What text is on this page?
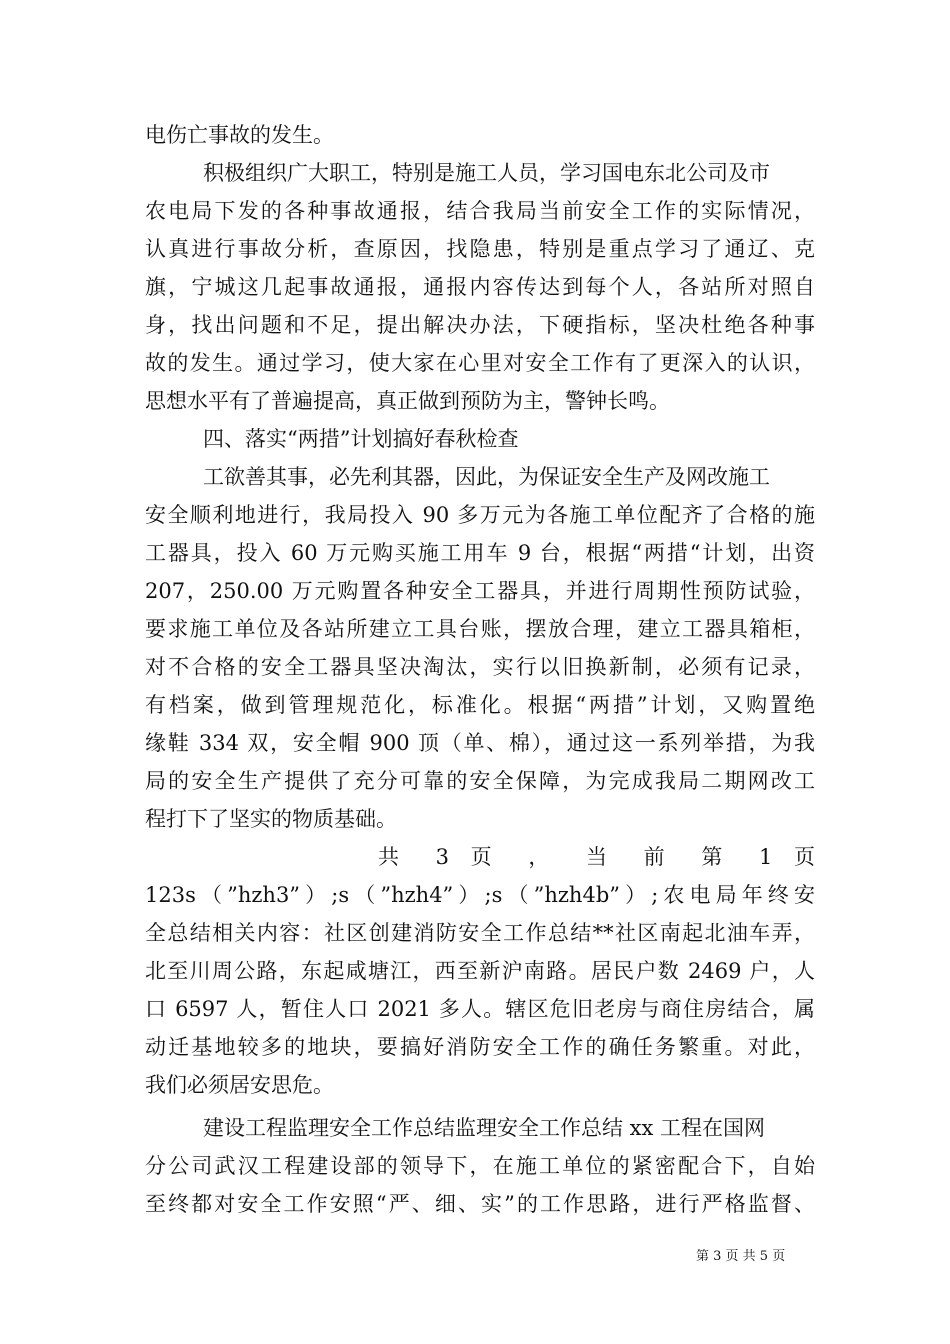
电伤亡事故的发生。
积极组织广大职工，特别是施工人员，学习国电东北公司及市
农电局下发的各种事故通报，结合我局当前安全工作的实际情况，
认真进行事故分析，查原因，找隐患，特别是重点学习了通辽、克
旗，宁城这几起事故通报，通报内容传达到每个人，各站所对照自
身，找出问题和不足，提出解决办法，下硬指标，坚决杜绝各种事
故的发生。通过学习，使大家在心里对安全工作有了更深入的认识，
思想水平有了普遍提高，真正做到预防为主，警钟长鸣。
四、落实“两措”计划搞好春秋检查
工欲善其事，必先利其器，因此，为保证安全生产及网改施工
安全顺利地进行，我局投入 90 多万元为各施工单位配齐了合格的施
工器具，投入 60 万元购买施工用车 9 台，根据“两措“计划，出资
207，250.00 万元购置各种安全工器具，并进行周期性预防试验，
要求施工单位及各站所建立工具台账，摆放合理，建立工器具箱柜，
对不合格的安全工器具坚决淘汰，实行以旧换新制，必须有记录，
有档案，做到管理规范化，标准化。根据“两措”计划，又购置绝
缘鞋 334 双，安全帽 900 顶（单、棉），通过这一系列举措，为我
局的安全生产提供了充分可靠的安全保障，为完成我局二期网改工
程打下了坚实的物质基础。
共 3 页 ， 当 前 第 1 页
123s（”hzh3”）;s（”hzh4”）;s（”hzh4b”）;农电局年终安
全总结相关内容：社区创建消防安全工作总结**社区南起北油车弄，
北至川周公路，东起咸塘江，西至新沪南路。居民户数 2469 户，人
口 6597 人，暂住人口 2021 多人。辖区危旧老房与商住房结合，属
动迁基地较多的地块，要搞好消防安全工作的确任务繁重。对此，
我们必须居安思危。
建设工程监理安全工作总结监理安全工作总结 xx 工程在国网
分公司武汉工程建设部的领导下，在施工单位的紧密配合下，自始
至终都对安全工作安照“严、细、实”的工作思路，进行严格监督、
第 3 页 共 5 页
